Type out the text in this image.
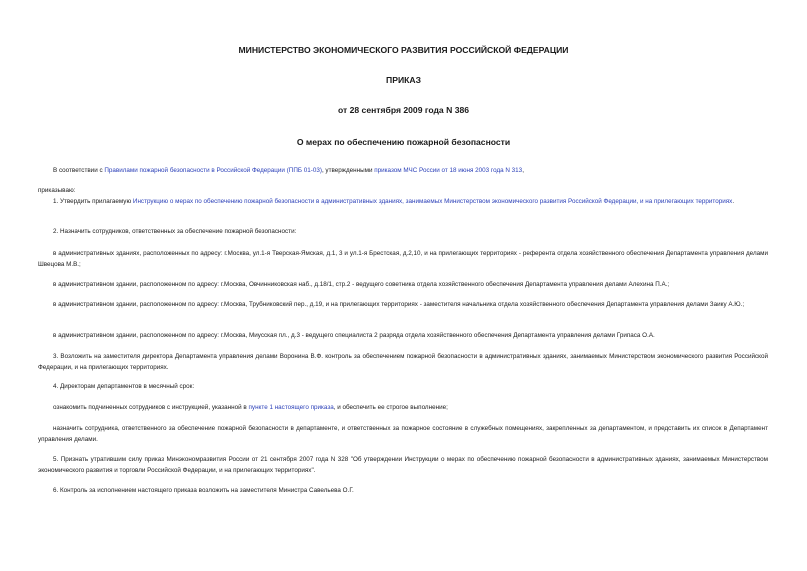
МИНИСТЕРСТВО ЭКОНОМИЧЕСКОГО РАЗВИТИЯ РОССИЙСКОЙ ФЕДЕРАЦИИ

ПРИКАЗ

от 28 сентября 2009 года N 386

О мерах по обеспечению пожарной безопасности

В соответствии с Правилами пожарной безопасности в Российской Федерации (ППБ 01-03), утвержденными приказом МЧС России от 18 июня 2003 года N 313,

приказываю:

1. Утвердить прилагаемую Инструкцию о мерах по обеспечению пожарной безопасности в административных зданиях, занимаемых Министерством экономического развития Российской Федерации, и на прилегающих территориях.

2. Назначить сотрудников, ответственных за обеспечение пожарной безопасности:

в административных зданиях, расположенных по адресу: г.Москва, ул.1-я Тверская-Ямская, д.1, 3 и ул.1-я Брестская, д.2,10, и на прилегающих территориях - референта отдела хозяйственного обеспечения Департамента управления делами Швецова М.В.;

в административном здании, расположенном по адресу: г.Москва, Овчинниковская наб., д.18/1, стр.2 - ведущего советника отдела хозяйственного обеспечения Департамента управления делами Алехина П.А.;

в административном здании, расположенном по адресу: г.Москва, Трубниковский пер., д.19, и на прилегающих территориях - заместителя начальника отдела хозяйственного обеспечения Департамента управления делами Заику А.Ю.;

в административном здании, расположенном по адресу: г.Москва, Миусская пл., д.3 - ведущего специалиста 2 разряда отдела хозяйственного обеспечения Департамента управления делами Грипаса О.А.

3. Возложить на заместителя директора Департамента управления делами Воронина В.Ф. контроль за обеспечением пожарной безопасности в административных зданиях, занимаемых Министерством экономического развития Российской Федерации, и на прилегающих территориях.

4. Директорам департаментов в месячный срок:

ознакомить подчиненных сотрудников с инструкцией, указанной в пункте 1 настоящего приказа, и обеспечить ее строгое выполнение;

назначить сотрудника, ответственного за обеспечение пожарной безопасности в департаменте, и ответственных за пожарное состояние в служебных помещениях, закрепленных за департаментом, и представить их список в Департамент управления делами.

5. Признать утратившим силу приказ Минэкономразвития России от 21 сентября 2007 года N 328 "Об утверждении Инструкции о мерах по обеспечению пожарной безопасности в административных зданиях, занимаемых Министерством экономического развития и торговли Российской Федерации, и на прилегающих территориях".

6. Контроль за исполнением настоящего приказа возложить на заместителя Министра Савельева О.Г.
